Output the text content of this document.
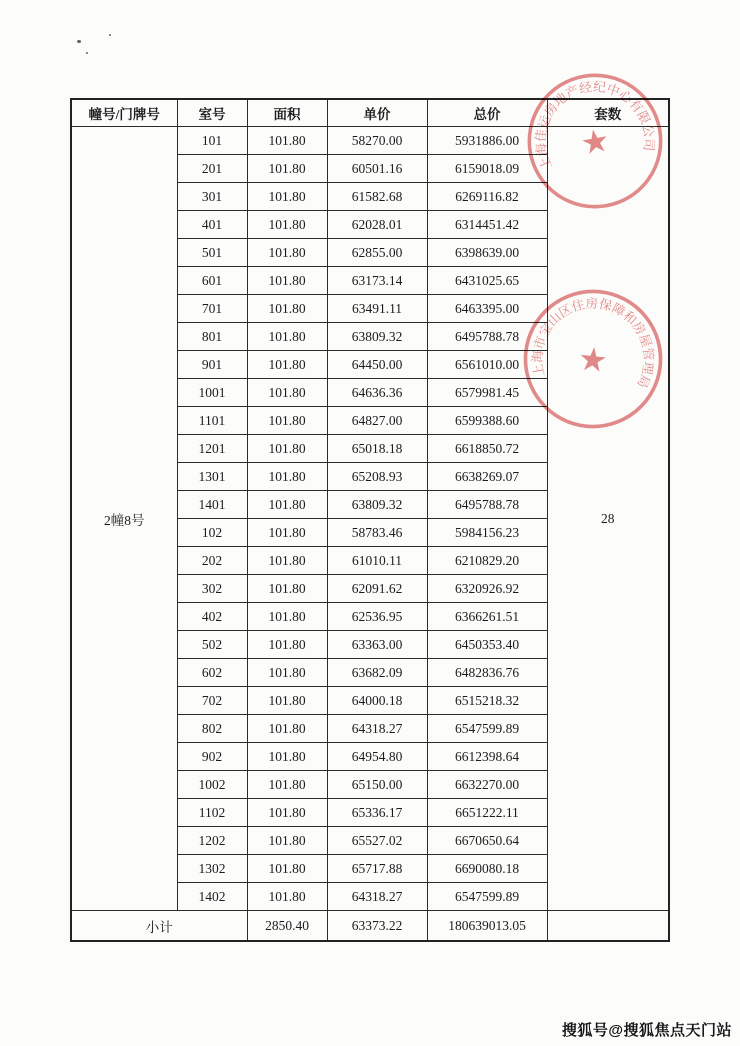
幢号/门牌号	室号	面积	单价	总价	套数
2幢8号	101	101.80	58270.00	5931886.00	28
	201	101.80	60501.16	6159018.09	
	301	101.80	61582.68	6269116.82	
	401	101.80	62028.01	6314451.42	
	501	101.80	62855.00	6398639.00	
	601	101.80	63173.14	6431025.65	
	701	101.80	63491.11	6463395.00	
	801	101.80	63809.32	6495788.78	
	901	101.80	64450.00	6561010.00	
	1001	101.80	64636.36	6579981.45	
	1101	101.80	64827.00	6599388.60	
	1201	101.80	65018.18	6618850.72	
	1301	101.80	65208.93	6638269.07	
	1401	101.80	63809.32	6495788.78	
	102	101.80	58783.46	5984156.23	
	202	101.80	61010.11	6210829.20	
	302	101.80	62091.62	6320926.92	
	402	101.80	62536.95	6366261.51	
	502	101.80	63363.00	6450353.40	
	602	101.80	63682.09	6482836.76	
	702	101.80	64000.18	6515218.32	
	802	101.80	64318.27	6547599.89	
	902	101.80	64954.80	6612398.64	
	1002	101.80	65150.00	6632270.00	
	1102	101.80	65336.17	6651222.11	
	1202	101.80	65527.02	6670650.64	
	1302	101.80	65717.88	6690080.18	
	1402	101.80	64318.27	6547599.89	
小计		2850.40	63373.22	180639013.05	
上海佳运房地产经纪中心有限公司
★
上海市宝山区住房保障和房屋管理局
★
搜狐号@搜狐焦点天门站
